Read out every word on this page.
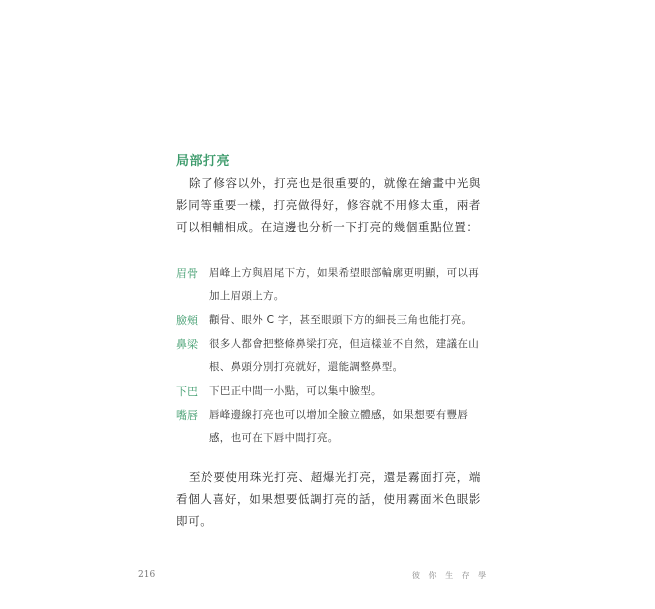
局部打亮
除了修容以外，打亮也是很重要的，就像在繪畫中光與影同等重要一樣，打亮做得好，修容就不用修太重，兩者可以相輔相成。在這邊也分析一下打亮的幾個重點位置：
眉骨	眉峰上方與眉尾下方，如果希望眼部輪廓更明顯，可以再加上眉頭上方。
臉頰	顴骨、眼外 C 字，甚至眼頭下方的細長三角也能打亮。
鼻梁	很多人都會把整條鼻梁打亮，但這樣並不自然，建議在山根、鼻頭分別打亮就好，還能調整鼻型。
下巴	下巴正中間一小點，可以集中臉型。
嘴唇	唇峰邊線打亮也可以增加全臉立體感，如果想要有豐唇感，也可在下唇中間打亮。
至於要使用珠光打亮、超爆光打亮，還是霧面打亮，端看個人喜好，如果想要低調打亮的話，使用霧面米色眼影即可。
216	彼 你 生 存 學
